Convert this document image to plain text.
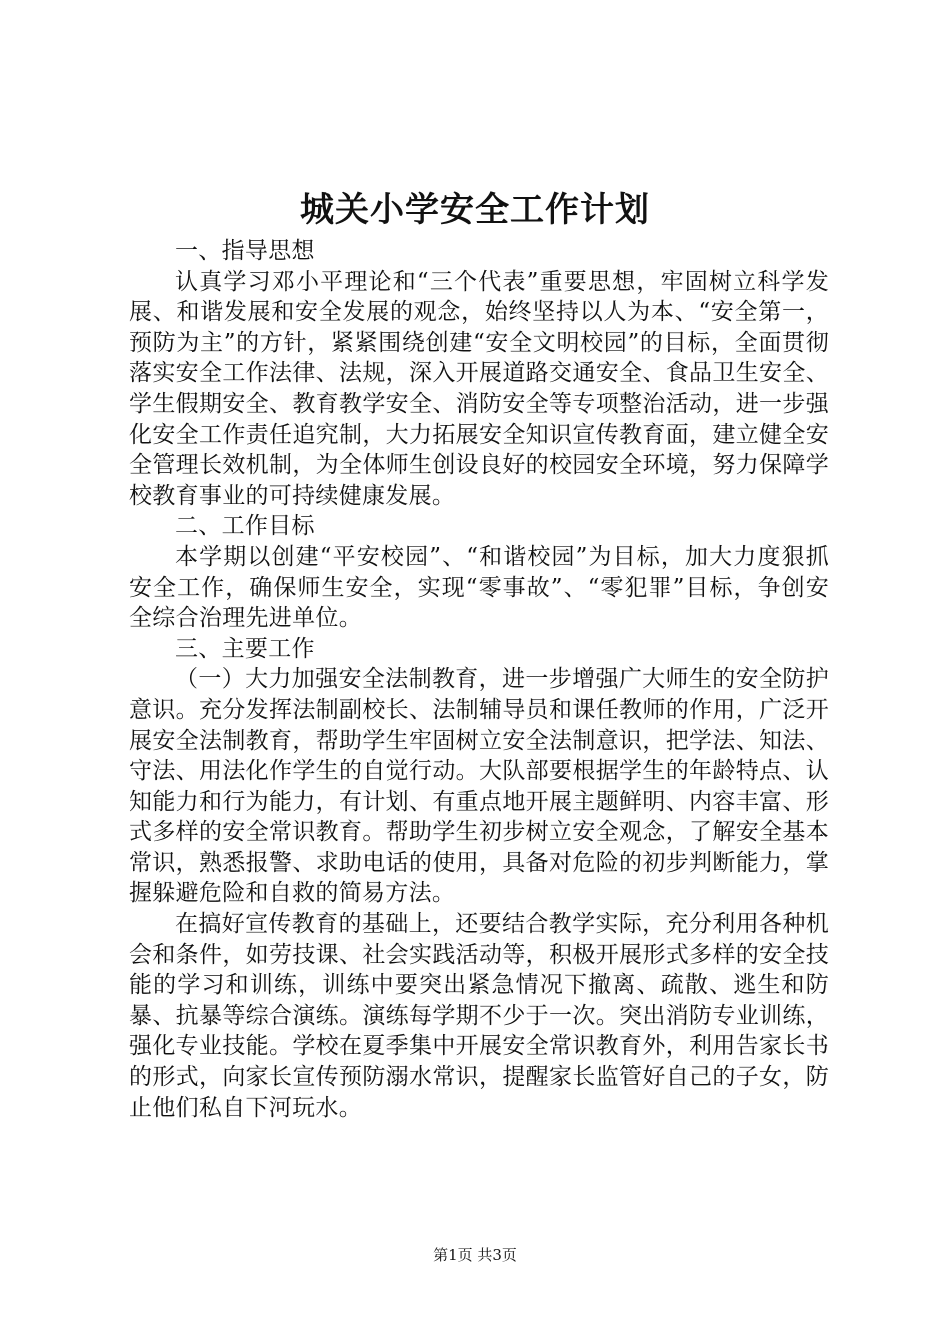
城关小学安全工作计划

一、指导思想

认真学习邓小平理论和“三个代表”重要思想，牢固树立科学发展、和谐发展和安全发展的观念，始终坚持以人为本、“安全第一，预防为主”的方针，紧紧围绕创建“安全文明校园”的目标，全面贯彻落实安全工作法律、法规，深入开展道路交通安全、食品卫生安全、学生假期安全、教育教学安全、消防安全等专项整治活动，进一步强化安全工作责任追究制，大力拓展安全知识宣传教育面，建立健全安全管理长效机制，为全体师生创设良好的校园安全环境，努力保障学校教育事业的可持续健康发展。

二、工作目标

本学期以创建“平安校园”、“和谐校园”为目标，加大力度狠抓安全工作，确保师生安全，实现“零事故”、“零犯罪”目标，争创安全综合治理先进单位。

三、主要工作

（一）大力加强安全法制教育，进一步增强广大师生的安全防护意识。充分发挥法制副校长、法制辅导员和课任教师的作用，广泛开展安全法制教育，帮助学生牢固树立安全法制意识，把学法、知法、守法、用法化作学生的自觉行动。大队部要根据学生的年龄特点、认知能力和行为能力，有计划、有重点地开展主题鲜明、内容丰富、形式多样的安全常识教育。帮助学生初步树立安全观念，了解安全基本常识，熟悉报警、求助电话的使用，具备对危险的初步判断能力，掌握躲避危险和自救的简易方法。

在搞好宣传教育的基础上，还要结合教学实际，充分利用各种机会和条件，如劳技课、社会实践活动等，积极开展形式多样的安全技能的学习和训练，训练中要突出紧急情况下撤离、疏散、逃生和防暴、抗暴等综合演练。演练每学期不少于一次。突出消防专业训练，强化专业技能。学校在夏季集中开展安全常识教育外，利用告家长书的形式，向家长宣传预防溺水常识，提醒家长监管好自己的子女，防止他们私自下河玩水。

第1页 共3页
